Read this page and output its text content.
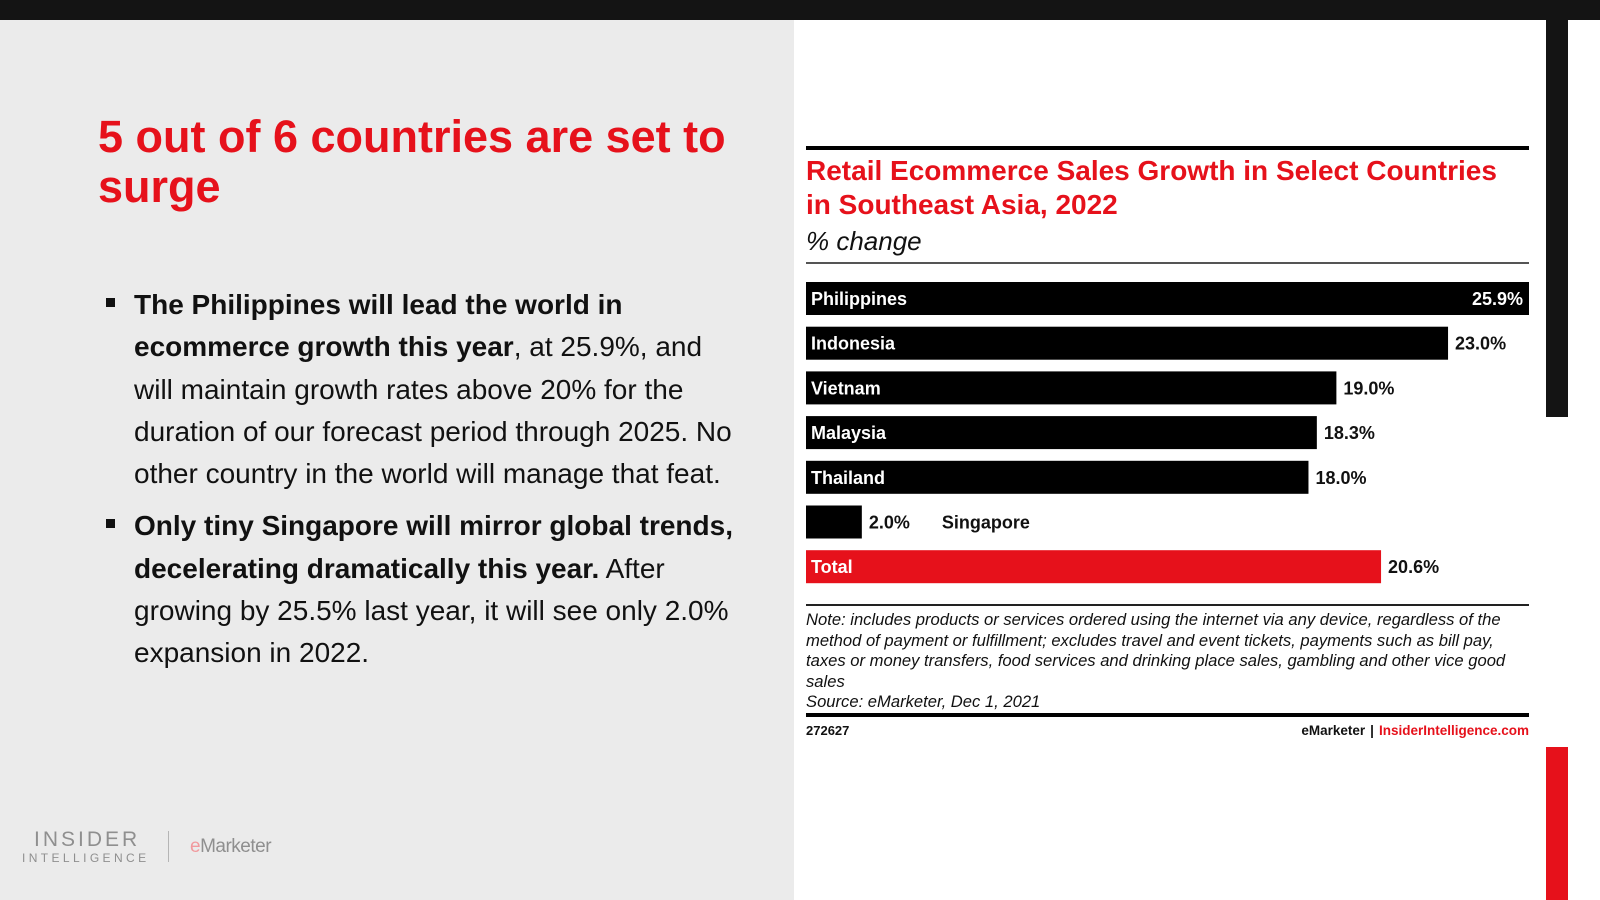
5 out of 6 countries are set to surge
The Philippines will lead the world in ecommerce growth this year, at 25.9%, and will maintain growth rates above 20% for the duration of our forecast period through 2025. No other country in the world will manage that feat.
Only tiny Singapore will mirror global trends, decelerating dramatically this year. After growing by 25.5% last year, it will see only 2.0% expansion in 2022.
INSIDER
INTELLIGENCE
eMarketer
Retail Ecommerce Sales Growth in Select Countries in Southeast Asia, 2022
% change
25.9%
Philippines
23.0%
Indonesia
19.0%
Vietnam
18.3%
Malaysia
18.0%
Thailand
2.0% Singapore
20.6%
Total
Note: includes products or services ordered using the internet via any device, regardless of the method of payment or fulfillment; excludes travel and event tickets, payments such as bill pay, taxes or money transfers, food services and drinking place sales, gambling and other vice good sales
Source: eMarketer, Dec 1, 2021
272627	eMarketer | InsiderIntelligence.com
